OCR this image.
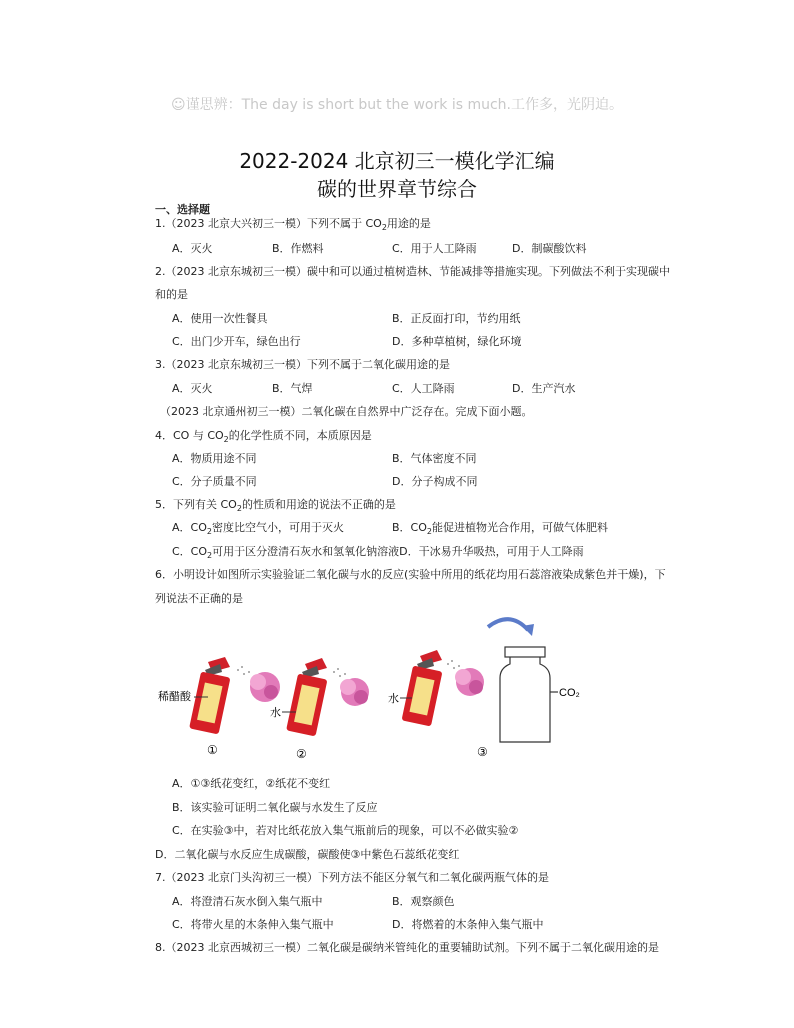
☺谨思辨：The day is short but the work is much.工作多，光阴迫。
2022-2024 北京初三一模化学汇编
碳的世界章节综合
一、选择题
1.（2023 北京大兴初三一模）下列不属于 $CO_2$用途的是
A．灭火	B．作燃料	C．用于人工降雨	D．制碳酸饮料
2.（2023 北京东城初三一模）碳中和可以通过植树造林、节能减排等措施实现。下列做法不利于实现碳中
和的是
A．使用一次性餐具	B．正反面打印，节约用纸
C．出门少开车，绿色出行	D．多种草植树，绿化环境
3.（2023 北京东城初三一模）下列不属于二氧化碳用途的是
A．灭火	B．气焊	C．人工降雨	D．生产汽水
（2023 北京通州初三一模）二氧化碳在自然界中广泛存在。完成下面小题。
4．CO 与 $CO_2$的化学性质不同，本质原因是
A．物质用途不同	B．气体密度不同
C．分子质量不同	D．分子构成不同
5．下列有关 $CO_2$的性质和用途的说法不正确的是
A．$CO_2$密度比空气小，可用于灭火	B．$CO_2$能促进植物光合作用，可做气体肥料
C．$CO_2$可用于区分澄清石灰水和氢氧化钠溶液D．干冰易升华吸热，可用于人工降雨
6．小明设计如图所示实验验证二氧化碳与水的反应(实验中所用的纸花均用石蕊溶液染成紫色并干燥)，下
列说法不正确的是
稀醋酸
水
水	CO₂
①	②	③
A．①③纸花变红，②纸花不变红
B．该实验可证明二氧化碳与水发生了反应
C．在实验③中，若对比纸花放入集气瓶前后的现象，可以不必做实验②
D．二氧化碳与水反应生成碳酸，碳酸使③中紫色石蕊纸花变红
7.（2023 北京门头沟初三一模）下列方法不能区分氧气和二氧化碳两瓶气体的是
A．将澄清石灰水倒入集气瓶中	B．观察颜色
C．将带火星的木条伸入集气瓶中	D．将燃着的木条伸入集气瓶中
8.（2023 北京西城初三一模）二氧化碳是碳纳米管纯化的重要辅助试剂。下列不属于二氧化碳用途的是
